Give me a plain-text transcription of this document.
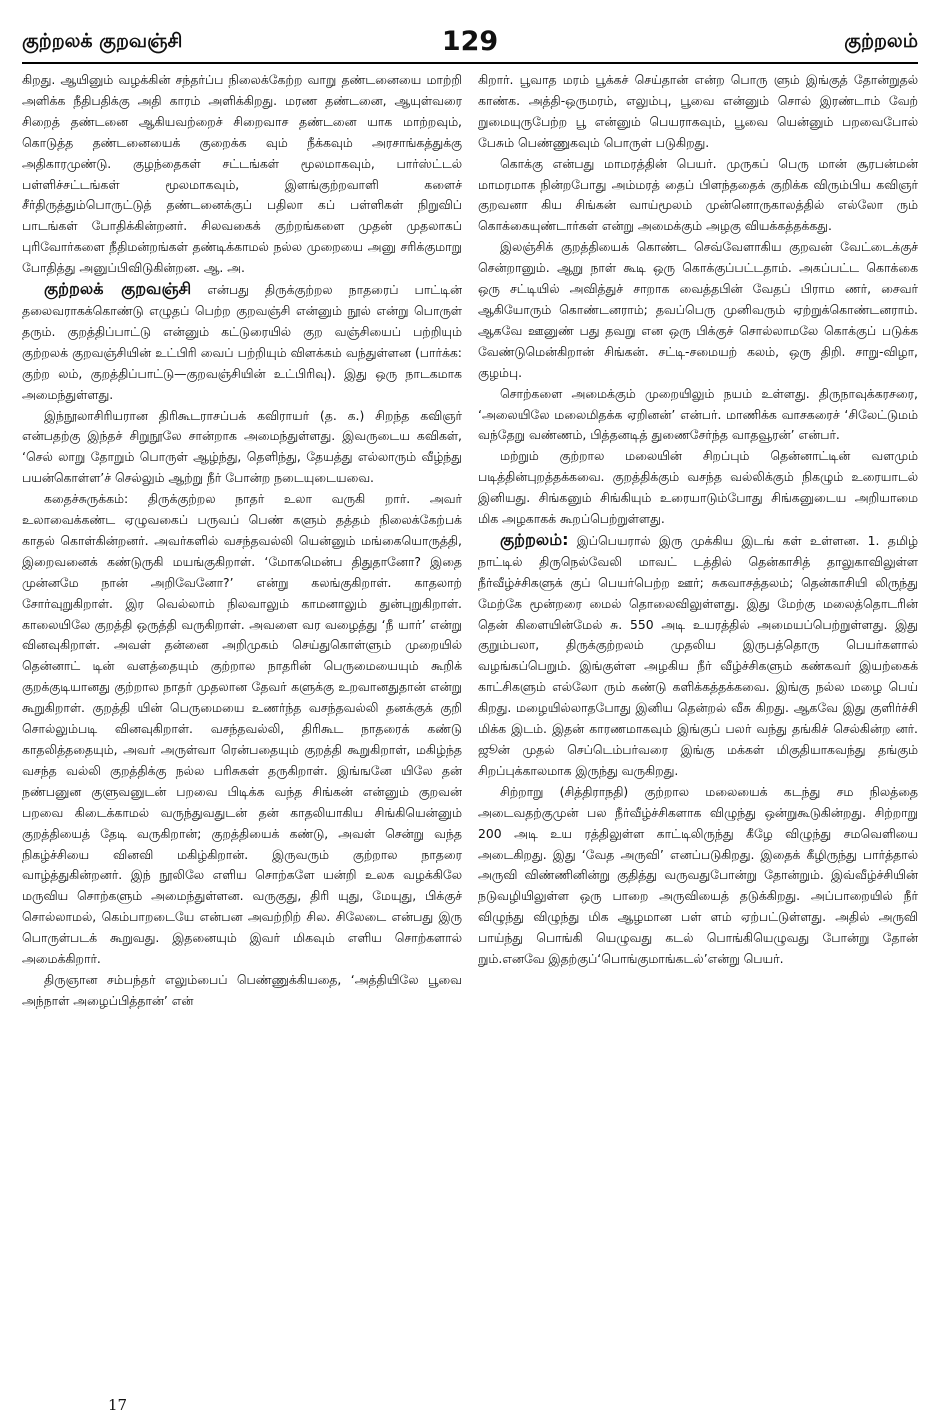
குற்றலக் குறவஞ்சி	129	குற்றலம்

கிறது. ஆயினும் வழக்கின் சந்தர்ப்ப நிலைக்கேற்ற வாறு தண்டனையை மாற்றி அளிக்க நீதிபதிக்கு அதி காரம் அளிக்கிறது. மரண தண்டனை, ஆயுள்வரை சிறைத் தண்டனை ஆகியவற்றைச் சிறைவாச தண்டனை யாக மாற்றவும், கொடுத்த தண்டனையைக் குறைக்க வும் நீக்கவும் அரசாங்கத்துக்கு அதிகாரமுண்டு. குழந்தைகள் சட்டங்கள் மூலமாகவும், பார்ஸ்ட்டல் பள்ளிச்சட்டங்கள் மூலமாகவும், இளங்குற்றவாளி களைச் சீர்திருத்தும்பொருட்டுத் தண்டனைக்குப் பதிலா கப் பள்ளிகள் நிறுவிப் பாடங்கள் போதிக்கின்றனர். சிலவகைக் குற்றங்களை முதன் முதலாகப் புரிவோர்களை நீதிமன்றங்கள் தண்டிக்காமல் நல்ல முறையை அனு சரிக்குமாறு போதித்து அனுப்பிவிடுகின்றன. ஆ. அ.

குற்றலக் குறவஞ்சி என்பது திருக்குற்றல நாதரைப் பாட்டின் தலைவராகக்கொண்டு எழுதப் பெற்ற குறவஞ்சி என்னும் நூல் என்று பொருள் தரும். குறத்திப்பாட்டு என்னும் கட்டுரையில் குற வஞ்சியைப் பற்றியும் குற்றலக் குறவஞ்சியின் உட்பிரி வைப் பற்றியும் விளக்கம் வந்துள்ளன (பார்க்க: குற்ற லம், குறத்திப்பாட்டு—குறவஞ்சியின் உட்பிரிவு). இது ஒரு நாடகமாக அமைந்துள்ளது.

இந்நூலாசிரியரான திரிகூடராசப்பக் கவிராயர் (த. க.) சிறந்த கவிஞர் என்பதற்கு இந்தச் சிறுநூலே சான்றாக அமைந்துள்ளது. இவருடைய கவிகள், ‘செல் லாறு தோறும் பொருள் ஆழ்ந்து, தெளிந்து, தேயத்து எல்லாரும் வீழ்ந்து பயன்கொள்ள’ச் செல்லும் ஆற்று நீர் போன்ற நடையுடையவை.

கதைச்சுருக்கம்: திருக்குற்றல நாதர் உலா வருகி றார். அவர் உலாவைக்கண்ட ஏழுவகைப் பருவப் பெண் களும் தத்தம் நிலைக்கேற்பக் காதல் கொள்கின்றனர். அவர்களில் வசந்தவல்லி யென்னும் மங்கையொருத்தி, இறைவனைக் கண்டுருகி மயங்குகிறாள். ‘மோகமென்ப திதுதானோ? இதை முன்னமே நான் அறிவேனோ?’ என்று கலங்குகிறாள். காதலாற் சோர்வுறுகிறாள். இர வெல்லாம் நிலவாலும் காமனாலும் துன்புறுகிறாள். காலையிலே குறத்தி ஒருத்தி வருகிறாள். அவளை வர வழைத்து ‘நீ யார்’ என்று வினவுகிறாள். அவள் தன்னை அறிமுகம் செய்துகொள்ளும் முறையில் தென்னாட் டின் வளத்தையும் குற்றால நாதரின் பெருமையையும் கூறிக் குறக்குடியானது குற்றால நாதர் முதலான தேவர் களுக்கு உறவானதுதான் என்று கூறுகிறாள். குறத்தி யின் பெருமையை உணர்ந்த வசந்தவல்லி தனக்குக் குறி சொல்லும்படி வினவுகிறாள். வசந்தவல்லி, திரிகூட நாதரைக் கண்டு காதலித்ததையும், அவர் அருள்வா ரென்பதையும் குறத்தி கூறுகிறாள், மகிழ்ந்த வசந்த வல்லி குறத்திக்கு நல்ல பரிசுகள் தருகிறாள். இங்ஙனே யிலே தன் நண்பனுன குளுவனுடன் பறவை பிடிக்க வந்த சிங்கன் என்னும் குறவன் பறவை கிடைக்காமல் வருந்துவதுடன் தன் காதலியாகிய சிங்கியென்னும் குறத்தியைத் தேடி வருகிறான்; குறத்தியைக் கண்டு, அவள் சென்று வந்த நிகழ்ச்சியை வினவி மகிழ்கிறான். இருவரும் குற்றால நாதரை வாழ்த்துகின்றனர். இந் நூலிலே எளிய சொற்களே யன்றி உலக வழக்கிலே மருவிய சொற்களும் அமைந்துள்ளன. வருகுது, திரி யுது, மேயுது, பிக்குச் சொல்லாமல், கெம்பாறடையே என்பன அவற்றிற் சில. சிலேடை என்பது இரு பொருள்படக் கூறுவது. இதனையும் இவர் மிகவும் எளிய சொற்களால் அமைக்கிறார்.

திருஞான சம்பந்தர் எலும்பைப் பெண்ணுக்கியதை, ‘அத்தியிலே பூவை அந்நாள் அழைப்பித்தான்’ என்

கிறார். பூவாத மரம் பூக்கச் செய்தான் என்ற பொரு ளும் இங்குத் தோன்றுதல் காண்க. அத்தி-ஒருமரம், எலும்பு, பூவை என்னும் சொல் இரண்டாம் வேற் றுமையுருபேற்ற பூ என்னும் பெயராகவும், பூவை யென்னும் பறவைபோல் பேசும் பெண்ணுகவும் பொருள் படுகிறது.

கொக்கு என்பது மாமரத்தின் பெயர். முருகப் பெரு மான் சூரபன்மன் மாமரமாக நின்றபோது அம்மரத் தைப் பிளந்ததைக் குறிக்க விரும்பிய கவிஞர் குறவனா கிய சிங்கன் வாய்மூலம் முன்னொருகாலத்தில் எல்லோ ரும் கொக்கையுண்டார்கள் என்று அமைக்கும் அழகு வியக்கத்தக்கது.

இலஞ்சிக் குறத்தியைக் கொண்ட செவ்வேளாகிய குறவன் வேட்டைக்குச் சென்றானும். ஆறு நாள் கூடி ஒரு கொக்குப்பட்டதாம். அகப்பட்ட கொக்கை ஒரு சட்டியில் அவித்துச் சாறாக வைத்தபின் வேதப் பிராம ணர், சைவர் ஆகியோரும் கொண்டனராம்; தவப்பெரு முனிவரும் ஏற்றுக்கொண்டனராம். ஆகவே ஊனுண் பது தவறு என ஒரு பிக்குச் சொல்லாமலே கொக்குப் படுக்க வேண்டுமென்கிறான் சிங்கன். சட்டி-சமையற் கலம், ஒரு திறி. சாறு-விழா, குழம்பு.

சொற்களை அமைக்கும் முறையிலும் நயம் உள்ளது. திருநாவுக்கரசரை, ‘அலையிலே மலைமிதக்க ஏறினன்’ என்பர். மாணிக்க வாசகரைச் ‘சிலேட்டுமம் வந்தேறு வண்ணம், பித்தனடித் துணைசேர்ந்த வாதவூரன்’ என்பர்.

மற்றும் குற்றால மலையின் சிறப்பும் தென்னாட்டின் வளமும் படித்தின்புறத்தக்கவை. குறத்திக்கும் வசந்த வல்லிக்கும் நிகழும் உரையாடல் இனியது. சிங்கனும் சிங்கியும் உரையாடும்போது சிங்கனுடைய அறியாமை மிக அழகாகக் கூறப்பெற்றுள்ளது.

குற்றலம்: இப்பெயரால் இரு முக்கிய இடங் கள் உள்ளன. 1. தமிழ் நாட்டில் திருநெல்வேலி மாவட் டத்தில் தென்காசித் தாலுகாவிலுள்ள நீர்வீழ்ச்சிகளுக் குப் பெயர்பெற்ற ஊர்; சுகவாசத்தலம்; தென்காசியி லிருந்து மேற்கே மூன்றரை மைல் தொலைவிலுள்ளது. இது மேற்கு மலைத்தொடரின் தென் கிளையின்மேல் சு. 550 அடி உயரத்தில் அமையப்பெற்றுள்ளது. இது குறும்பலா, திருக்குற்றலம் முதலிய இருபத்தொரு பெயர்களால் வழங்கப்பெறும். இங்குள்ள அழகிய நீர் வீழ்ச்சிகளும் கண்கவர் இயற்கைக் காட்சிகளும் எல்லோ ரும் கண்டு களிக்கத்தக்கவை. இங்கு நல்ல மழை பெய் கிறது. மழையில்லாதபோது இனிய தென்றல் வீசு கிறது. ஆகவே இது குளிர்ச்சி மிக்க இடம். இதன் காரணமாகவும் இங்குப் பலர் வந்து தங்கிச் செல்கின்ற னர். ஜூன் முதல் செப்டெம்பர்வரை இங்கு மக்கள் மிகுதியாகவந்து தங்கும் சிறப்புக்காலமாக இருந்து வருகிறது.

சிற்றாறு (சித்திராநதி) குற்றால மலையைக் கடந்து சம நிலத்தை அடைவதற்குமுன் பல நீர்வீழ்ச்சிகளாக விழுந்து ஒன்றுகூடுகின்றது. சிற்றாறு 200 அடி உய ரத்திலுள்ள காட்டிலிருந்து கீழே விழுந்து சமவெளியை அடைகிறது. இது ‘வேத அருவி’ எனப்படுகிறது. இதைக் கீழிருந்து பார்த்தால் அருவி விண்ணினின்று குதித்து வருவதுபோன்று தோன்றும். இவ்வீழ்ச்சியின் நடுவழியிலுள்ள ஒரு பாறை அருவியைத் தடுக்கிறது. அப்பாறையில் நீர் விழுந்து விழுந்து மிக ஆழமான பள் ளம் ஏற்பட்டுள்ளது. அதில் அருவி பாய்ந்து பொங்கி யெழுவது கடல் பொங்கியெழுவது போன்று தோன் றும்.எனவே இதற்குப்‘பொங்குமாங்கடல்’என்று பெயர்.

17
